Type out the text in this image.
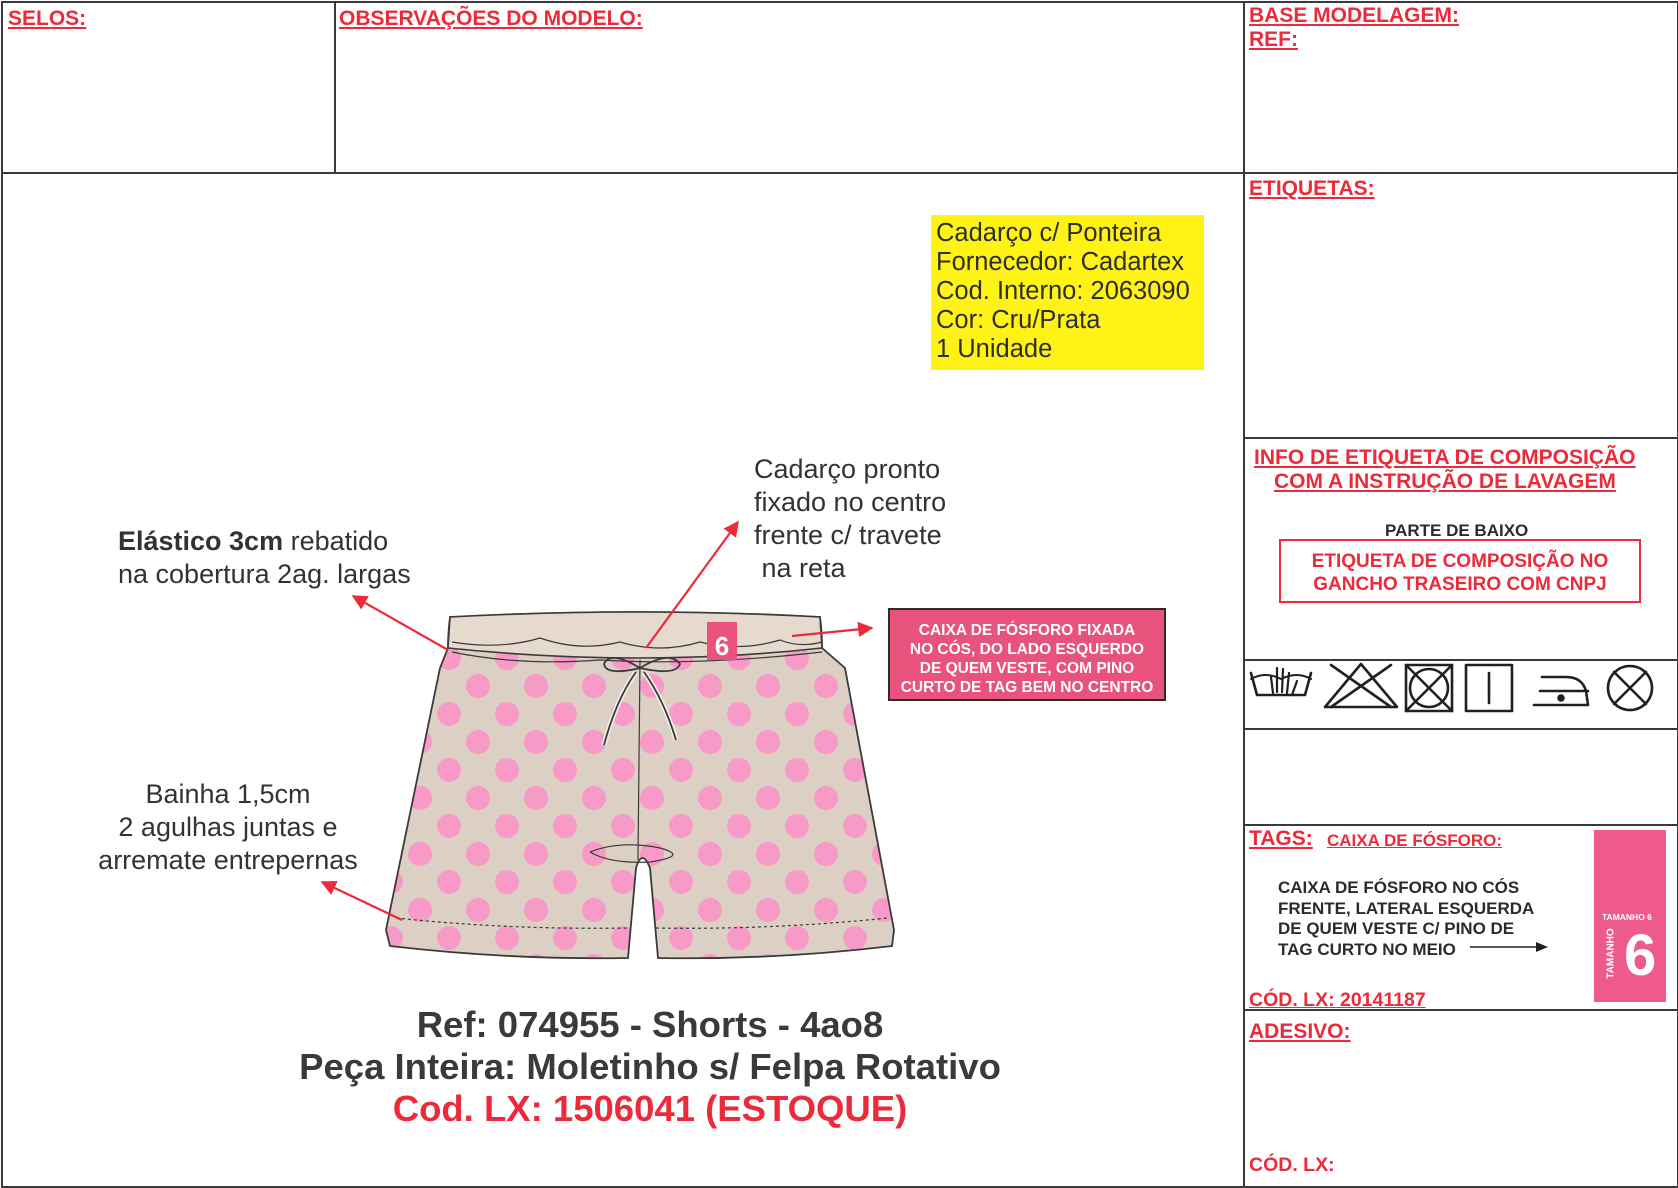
SELOS:	OBSERVAÇÕES DO MODELO:	BASE MODELAGEM:
REF:
ETIQUETAS:
INFO DE ETIQUETA DE COMPOSIÇÃO
COM A INSTRUÇÃO DE LAVAGEM
PARTE DE BAIXO
ETIQUETA DE COMPOSIÇÃO NO
GANCHO TRASEIRO COM CNPJ
TAGS: CAIXA DE FÓSFORO:
CAIXA DE FÓSFORO NO CÓS
FRENTE, LATERAL ESQUERDA
DE QUEM VESTE C/ PINO DE
TAG CURTO NO MEIO
CÓD. LX: 20141187
TAMANHO 6
TAMANHO 6
ADESIVO:
CÓD. LX:
Cadarço c/ Ponteira
Fornecedor: Cadartex
Cod. Interno: 2063090
Cor: Cru/Prata
1 Unidade
Cadarço pronto
fixado no centro
frente c/ travete
na reta
Elástico 3cm rebatido
na cobertura 2ag. largas
Bainha 1,5cm
2 agulhas juntas e
arremate entrepernas
CAIXA DE FÓSFORO FIXADA
NO CÓS, DO LADO ESQUERDO
DE QUEM VESTE, COM PINO
CURTO DE TAG BEM NO CENTRO
6
Ref: 074955 - Shorts - 4ao8
Peça Inteira: Moletinho s/ Felpa Rotativo
Cod. LX: 1506041 (ESTOQUE)
